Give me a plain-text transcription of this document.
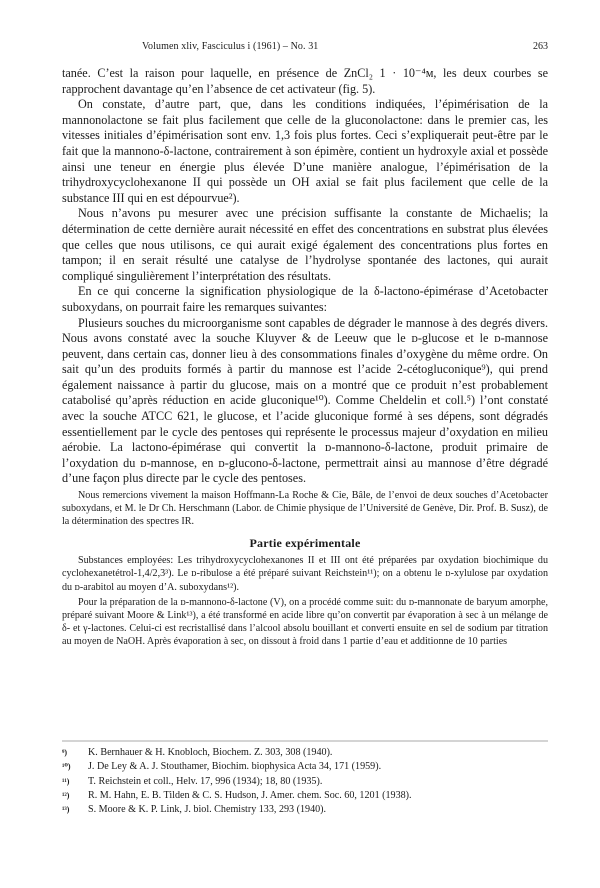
Volumen xliv, Fasciculus i (1961) – No. 31	263

tanée. C’est la raison pour laquelle, en présence de ZnCl₂ 1 · 10⁻⁴ᴍ, les deux courbes se rapprochent davantage qu’en l’absence de cet activateur (fig. 5).

On constate, d’autre part, que, dans les conditions indiquées, l’épimérisation de la mannonolactone se fait plus facilement que celle de la gluconolactone: dans le premier cas, les vitesses initiales d’épimérisation sont env. 1,3 fois plus fortes. Ceci s’expliquerait peut-être par le fait que la mannono-δ-lactone, contrairement à son épimère, contient un hydroxyle axial et possède ainsi une teneur en énergie plus élevée D’une manière analogue, l’épimérisation de la trihydroxycyclohexanone II qui possède un OH axial se fait plus facilement que celle de la substance III qui en est dépourvue²).

Nous n’avons pu mesurer avec une précision suffisante la constante de Michaelis; la détermination de cette dernière aurait nécessité en effet des concentrations en substrat plus élevées que celles que nous utilisons, ce qui aurait exigé également des concentrations plus fortes en tampon; il en serait résulté une catalyse de l’hydrolyse spontanée des lactones, qui aurait compliqué singulièrement l’interprétation des résultats.

En ce qui concerne la signification physiologique de la δ-lactono-épimérase d’Acetobacter suboxydans, on pourrait faire les remarques suivantes:

Plusieurs souches du microorganisme sont capables de dégrader le mannose à des degrés divers. Nous avons constaté avec la souche Kluyver & de Leeuw que le ᴅ-glucose et le ᴅ-mannose peuvent, dans certain cas, donner lieu à des consommations finales d’oxygène du même ordre. On sait qu’un des produits formés à partir du mannose est l’acide 2-cétogluconique⁹), qui prend également naissance à partir du glucose, mais on a montré que ce produit n’est probablement catabolisé qu’après réduction en acide gluconique¹⁰). Comme Cheldelin et coll.⁵) l’ont constaté avec la souche ATCC 621, le glucose, et l’acide gluconique formé à ses dépens, sont dégradés essentiellement par le cycle des pentoses qui représente le processus majeur d’oxydation en milieu aérobie. La lactono-épimérase qui convertit la ᴅ-mannono-δ-lactone, produit primaire de l’oxydation du ᴅ-mannose, en ᴅ-glucono-δ-lactone, permettrait ainsi au mannose d’être dégradé d’une façon plus directe par le cycle des pentoses.

Nous remercions vivement la maison Hoffmann-La Roche & Cie, Bâle, de l’envoi de deux souches d’Acetobacter suboxydans, et M. le Dr Ch. Herschmann (Labor. de Chimie physique de l’Université de Genève, Dir. Prof. B. Susz), de la détermination des spectres IR.

Partie expérimentale

Substances employées: Les trihydroxycyclohexanones II et III ont été préparées par oxydation biochimique du cyclohexanetétrol-1,4/2,3³). Le ᴅ-ribulose a été préparé suivant Reichstein¹¹); on a obtenu le ᴅ-xylulose par oxydation du ᴅ-arabitol au moyen d’A. suboxydans¹²).

Pour la préparation de la ᴅ-mannono-δ-lactone (V), on a procédé comme suit: du ᴅ-mannonate de baryum amorphe, préparé suivant Moore & Link¹³), a été transformé en acide libre qu’on convertit par évaporation à sec à un mélange de δ- et γ-lactones. Celui-ci est recristallisé dans l’alcool absolu bouillant et converti ensuite en sel de sodium par titration au moyen de NaOH. Après évaporation à sec, on dissout à froid dans 1 partie d’eau et additionne de 10 parties

⁹) K. Bernhauer & H. Knobloch, Biochem. Z. 303, 308 (1940).
¹⁰) J. De Ley & A. J. Stouthamer, Biochim. biophysica Acta 34, 171 (1959).
¹¹) T. Reichstein et coll., Helv. 17, 996 (1934); 18, 80 (1935).
¹²) R. M. Hahn, E. B. Tilden & C. S. Hudson, J. Amer. chem. Soc. 60, 1201 (1938).
¹³) S. Moore & K. P. Link, J. biol. Chemistry 133, 293 (1940).
